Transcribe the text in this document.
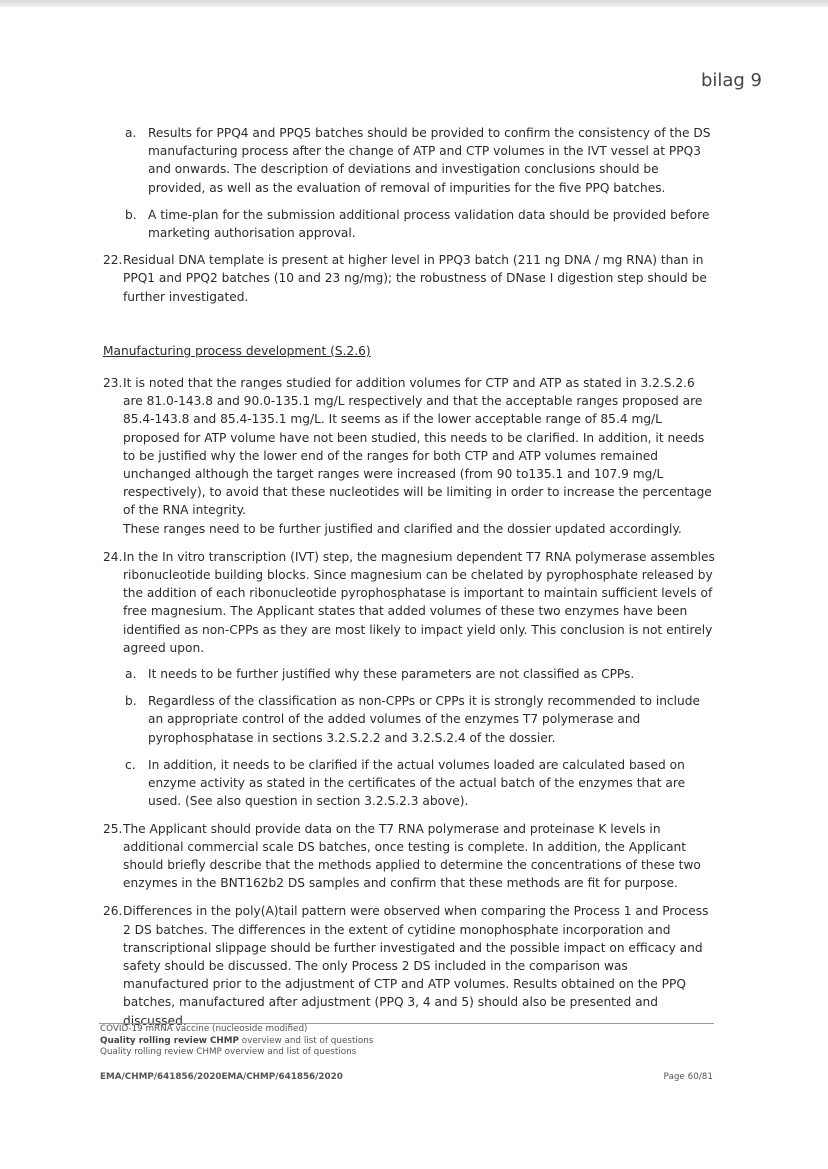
bilag 9
a. Results for PPQ4 and PPQ5 batches should be provided to confirm the consistency of the DS manufacturing process after the change of ATP and CTP volumes in the IVT vessel at PPQ3 and onwards. The description of deviations and investigation conclusions should be provided, as well as the evaluation of removal of impurities for the five PPQ batches.
b. A time-plan for the submission additional process validation data should be provided before marketing authorisation approval.
22. Residual DNA template is present at higher level in PPQ3 batch (211 ng DNA / mg RNA) than in PPQ1 and PPQ2 batches (10 and 23 ng/mg); the robustness of DNase I digestion step should be further investigated.
Manufacturing process development (S.2.6)
23. It is noted that the ranges studied for addition volumes for CTP and ATP as stated in 3.2.S.2.6 are 81.0-143.8 and 90.0-135.1 mg/L respectively and that the acceptable ranges proposed are 85.4-143.8 and 85.4-135.1 mg/L. It seems as if the lower acceptable range of 85.4 mg/L proposed for ATP volume have not been studied, this needs to be clarified. In addition, it needs to be justified why the lower end of the ranges for both CTP and ATP volumes remained unchanged although the target ranges were increased (from 90 to135.1 and 107.9 mg/L respectively), to avoid that these nucleotides will be limiting in order to increase the percentage of the RNA integrity.
These ranges need to be further justified and clarified and the dossier updated accordingly.
24. In the In vitro transcription (IVT) step, the magnesium dependent T7 RNA polymerase assembles ribonucleotide building blocks. Since magnesium can be chelated by pyrophosphate released by the addition of each ribonucleotide pyrophosphatase is important to maintain sufficient levels of free magnesium. The Applicant states that added volumes of these two enzymes have been identified as non-CPPs as they are most likely to impact yield only. This conclusion is not entirely agreed upon.
a. It needs to be further justified why these parameters are not classified as CPPs.
b. Regardless of the classification as non-CPPs or CPPs it is strongly recommended to include an appropriate control of the added volumes of the enzymes T7 polymerase and pyrophosphatase in sections 3.2.S.2.2 and 3.2.S.2.4 of the dossier.
c. In addition, it needs to be clarified if the actual volumes loaded are calculated based on enzyme activity as stated in the certificates of the actual batch of the enzymes that are used. (See also question in section 3.2.S.2.3 above).
25. The Applicant should provide data on the T7 RNA polymerase and proteinase K levels in additional commercial scale DS batches, once testing is complete. In addition, the Applicant should briefly describe that the methods applied to determine the concentrations of these two enzymes in the BNT162b2 DS samples and confirm that these methods are fit for purpose.
26. Differences in the poly(A)tail pattern were observed when comparing the Process 1 and Process 2 DS batches. The differences in the extent of cytidine monophosphate incorporation and transcriptional slippage should be further investigated and the possible impact on efficacy and safety should be discussed. The only Process 2 DS included in the comparison was manufactured prior to the adjustment of CTP and ATP volumes. Results obtained on the PPQ batches, manufactured after adjustment (PPQ 3, 4 and 5) should also be presented and discussed.
COVID-19 mRNA vaccine (nucleoside modified)
Quality rolling review CHMP overview and list of questions
Quality rolling review CHMP overview and list of questions
EMA/CHMP/641856/2020EMA/CHMP/641856/2020	Page 60/81
